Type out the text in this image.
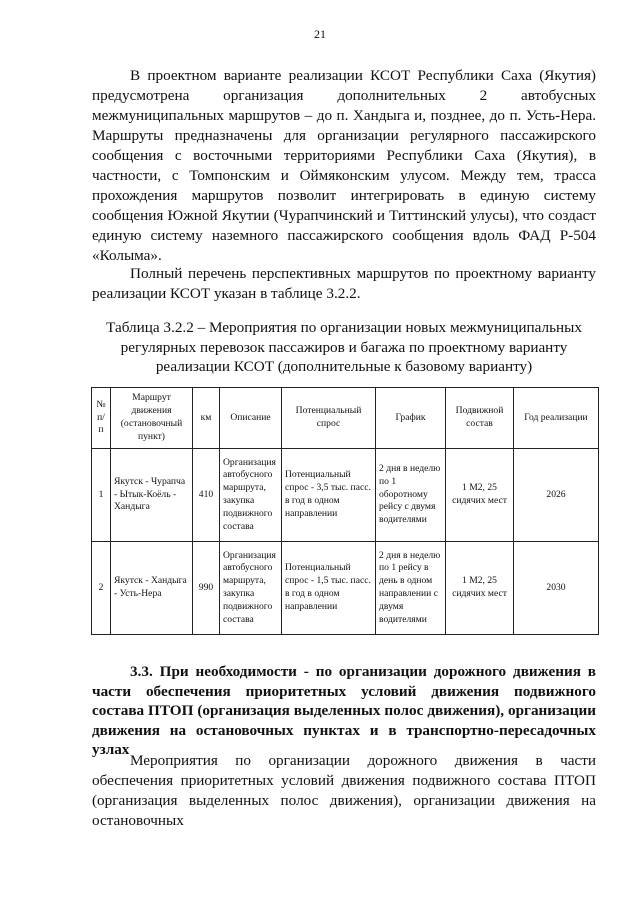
21

В проектном варианте реализации КСОТ Республики Саха (Якутия) предусмотрена организация дополнительных 2 автобусных межмуниципальных маршрутов – до п. Хандыга и, позднее, до п. Усть-Нера. Маршруты предназначены для организации регулярного пассажирского сообщения с восточными территориями Республики Саха (Якутия), в частности, с Томпонским и Оймяконским улусом. Между тем, трасса прохождения маршрутов позволит интегрировать в единую систему сообщения Южной Якутии (Чурапчинский и Титтинский улусы), что создаст единую систему наземного пассажирского сообщения вдоль ФАД Р-504 «Колыма».

Полный перечень перспективных маршрутов по проектному варианту реализации КСОТ указан в таблице 3.2.2.

Таблица 3.2.2 – Мероприятия по организации новых межмуниципальных регулярных перевозок пассажиров и багажа по проектному варианту реализации КСОТ (дополнительные к базовому варианту)
№ п/п	Маршрут движения (остановочный пункт)	км	Описание	Потенциальный спрос	График	Подвижной состав	Год реализации
1	Якутск - Чурапча - Ытык-Коёль - Хандыга	410	Организация автобусного маршрута, закупка подвижного состава	Потенциальный спрос - 3,5 тыс. пасс. в год в одном направлении	2 дня в неделю по 1 оборотному рейсу с двумя водителями	1 М2, 25 сидячих мест	2026
2	Якутск - Хандыга - Усть-Нера	990	Организация автобусного маршрута, закупка подвижного состава	Потенциальный спрос - 1,5 тыс. пасс. в год в одном направлении	2 дня в неделю по 1 рейсу в день в одном направлении с двумя водителями	1 М2, 25 сидячих мест	2030

3.3. При необходимости - по организации дорожного движения в части обеспечения приоритетных условий движения подвижного состава ПТОП (организация выделенных полос движения), организации движения на остановочных пунктах и в транспортно-пересадочных узлах

Мероприятия по организации дорожного движения в части обеспечения приоритетных условий движения подвижного состава ПТОП (организация выделенных полос движения), организации движения на остановочных
